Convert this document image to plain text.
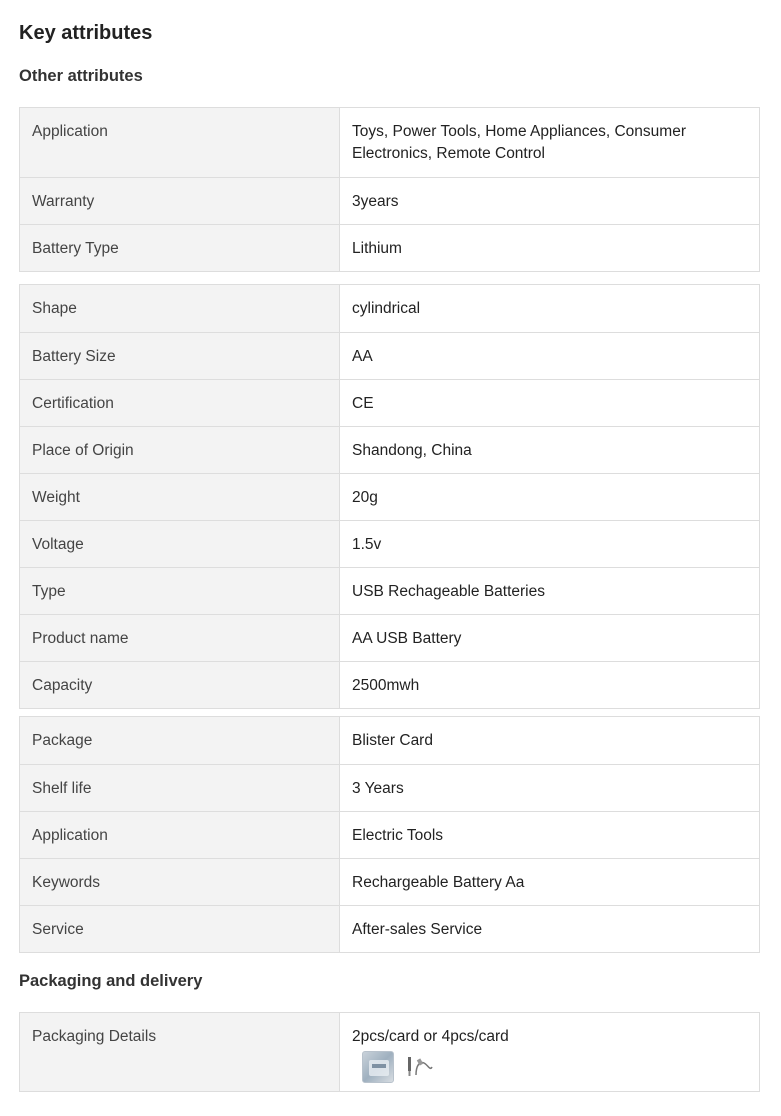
Key attributes
Other attributes
Application	Toys, Power Tools, Home Appliances, Consumer
Electronics, Remote Control
Warranty	3years
Battery Type	Lithium
Shape	cylindrical
Battery Size	AA
Certification	CE
Place of Origin	Shandong, China
Weight	20g
Voltage	1.5v
Type	USB Rechageable Batteries
Product name	AA USB Battery
Capacity	2500mwh
Package	Blister Card
Shelf life	3 Years
Application	Electric Tools
Keywords	Rechargeable Battery Aa
Service	After-sales Service
Packaging and delivery
Packaging Details	2pcs/card or 4pcs/card
